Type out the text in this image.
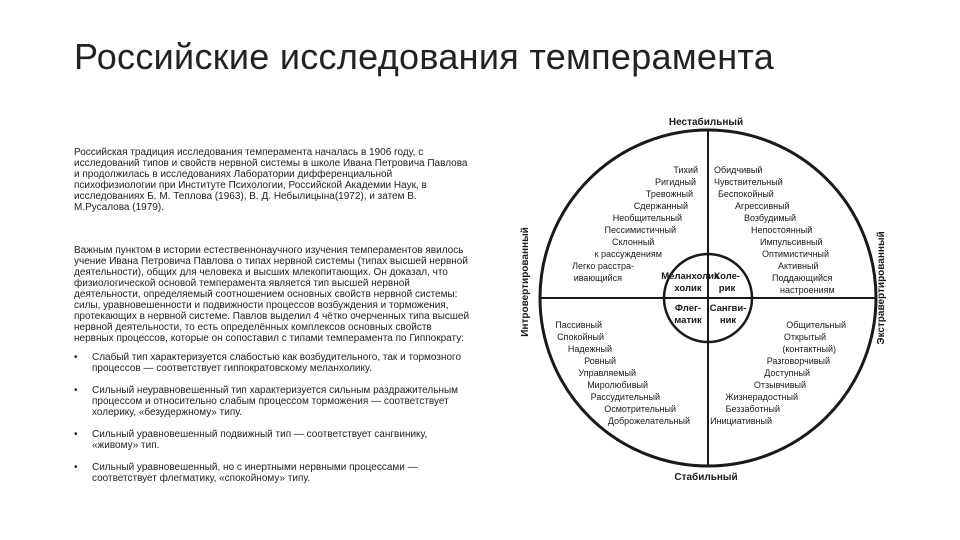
Российские исследования темперамента

Российская традиция исследования темперамента началась в 1906 году, с исследований типов и свойств нервной системы в школе Ивана Петровича Павлова и продолжилась в исследованиях Лаборатории дифференциальной психофизиологии при Институте Психологии, Российской Академии Наук, в исследованиях Б. М. Теплова (1963), В. Д. Небылицына(1972), и затем В. М.Русалова (1979).

Важным пунктом в истории естественнонаучного изучения темпераментов явилось учение Ивана Петровича Павлова о типах нервной системы (типах высшей нервной деятельности), общих для человека и высших млекопитающих. Он доказал, что физиологической основой темперамента является тип высшей нервной деятельности, определяемый соотношением основных свойств нервной системы: силы, уравновешенности и подвижности процессов возбуждения и торможения, протекающих в нервной системе. Павлов выделил 4 чётко очерченных типа высшей нервной деятельности, то есть определённых комплексов основных свойств нервных процессов, которые он сопоставил с типами темперамента по Гиппократу:

• Слабый тип характеризуется слабостью как возбудительного, так и тормозного процессов — соответствует гиппократовскому меланхолику.
• Сильный неуравновешенный тип характеризуется сильным раздражительным процессом и относительно слабым процессом торможения — соответствует холерику, «безудержному» типу.
• Сильный уравновешенный подвижный тип — соответствует сангвинику, «живому» тип.
• Сильный уравновешенный, но с инертными нервными процессами — соответствует флегматику, «спокойному» типу.
Нестабильный
Стабильный
Интровертированный	Экстравертированный
Меланхолик
холик
Холе-
рик
Флег-
матик
Сангви-
ник
Тихий
Ригидный
Тревожный
Сдержанный
Необщительный
Пессимистичный
Склонный
к рассуждениям
Легко расстра-
ивающийся
Обидчивый
Чувствительный
Беспокойный
Агрессивный
Возбудимый
Непостоянный
Импульсивный
Оптимистичный
Активный
Поддающийся
настроениям
Пассивный
Спокойный
Надежный
Ровный
Управляемый
Миролюбивый
Рассудительный
Осмотрительный
Доброжелательный
Общительный
Открытый
(контактный)
Разговорчивый
Доступный
Отзывчивый
Жизнерадостный
Беззаботный
Инициативный
